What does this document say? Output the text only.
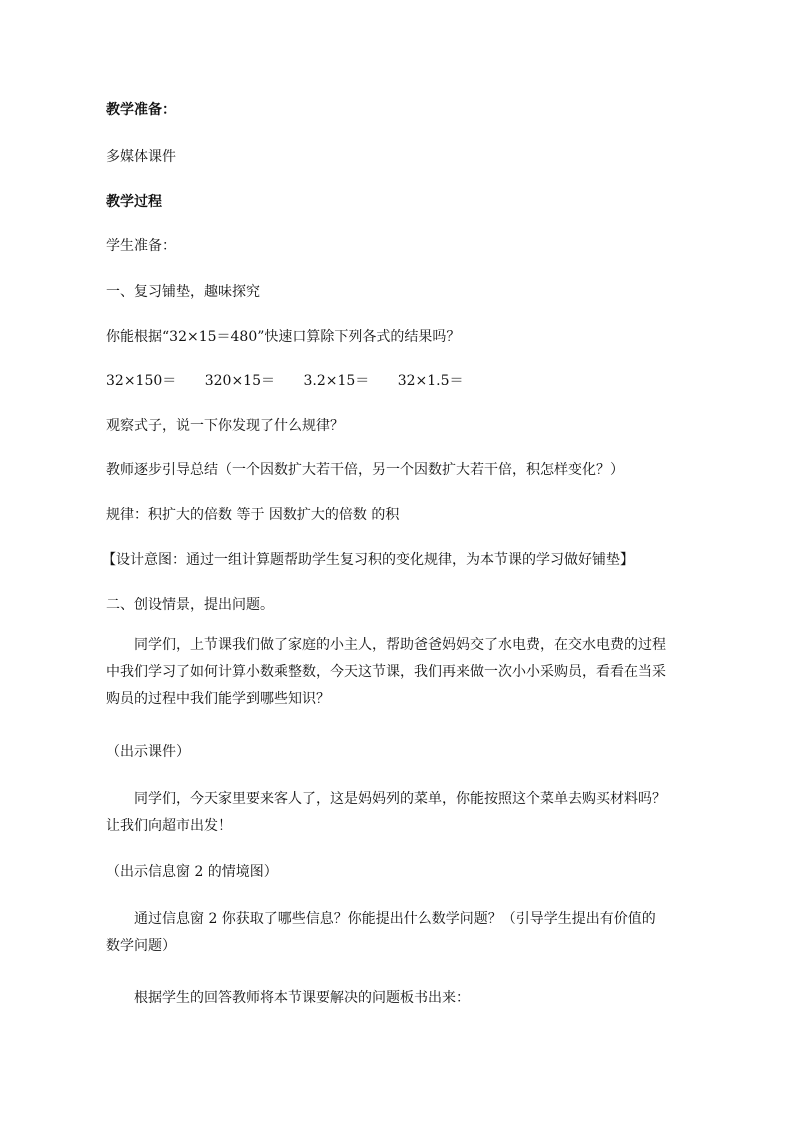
教学准备：
多媒体课件
教学过程
学生准备：
一、复习铺垫，趣味探究
你能根据“32×15＝480”快速口算除下列各式的结果吗？
32×150＝ 320×15＝ 3.2×15＝ 32×1.5＝
观察式子，说一下你发现了什么规律？
教师逐步引导总结（一个因数扩大若干倍，另一个因数扩大若干倍，积怎样变化？）
规律：积扩大的倍数 等于 因数扩大的倍数 的积
【设计意图：通过一组计算题帮助学生复习积的变化规律，为本节课的学习做好铺垫】
二、创设情景，提出问题。
同学们，上节课我们做了家庭的小主人，帮助爸爸妈妈交了水电费，在交水电费的过程中我们学习了如何计算小数乘整数，今天这节课，我们再来做一次小小采购员，看看在当采购员的过程中我们能学到哪些知识？
（出示课件）
同学们，今天家里要来客人了，这是妈妈列的菜单，你能按照这个菜单去购买材料吗？让我们向超市出发！
（出示信息窗 2 的情境图）
通过信息窗 2 你获取了哪些信息？你能提出什么数学问题？（引导学生提出有价值的数学问题）
根据学生的回答教师将本节课要解决的问题板书出来：
